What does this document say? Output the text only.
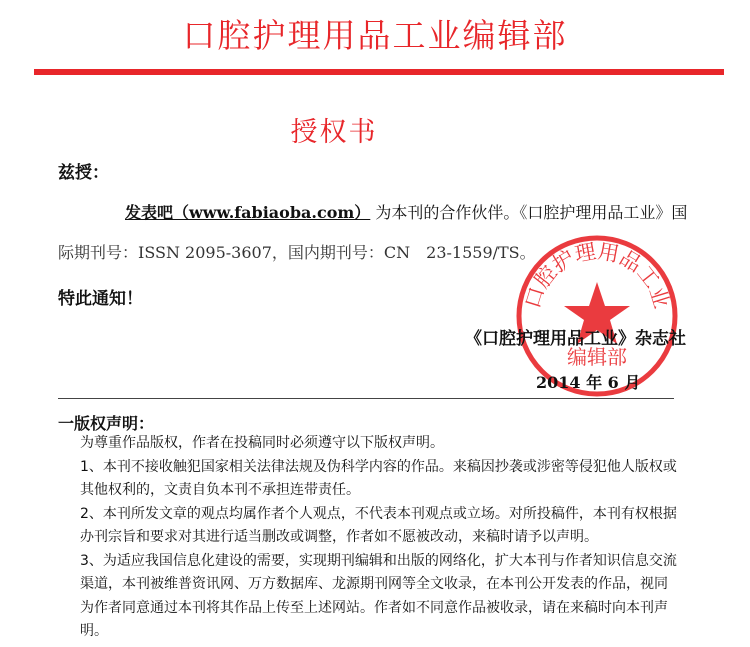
口腔护理用品工业编辑部
授权书
兹授：
发表吧（www.fabiaoba.com） 为本刊的合作伙伴。《口腔护理用品工业》国
际期刊号：ISSN 2095-3607，国内期刊号：CN　23-1559/TS。
特此通知！	口腔护理用品工业
编辑部
《口腔护理用品工业》杂志社
2014 年 6 月
一版权声明：

为尊重作品版权，作者在投稿同时必须遵守以下版权声明。

1、本刊不接收触犯国家相关法律法规及伪科学内容的作品。来稿因抄袭或涉密等侵犯他人版权或其他权利的，文责自负本刊不承担连带责任。

2、本刊所发文章的观点均属作者个人观点，不代表本刊观点或立场。对所投稿件，本刊有权根据办刊宗旨和要求对其进行适当删改或调整，作者如不愿被改动，来稿时请予以声明。

3、为适应我国信息化建设的需要，实现期刊编辑和出版的网络化，扩大本刊与作者知识信息交流渠道，本刊被维普资讯网、万方数据库、龙源期刊网等全文收录，在本刊公开发表的作品，视同为作者同意通过本刊将其作品上传至上述网站。作者如不同意作品被收录，请在来稿时向本刊声明。
